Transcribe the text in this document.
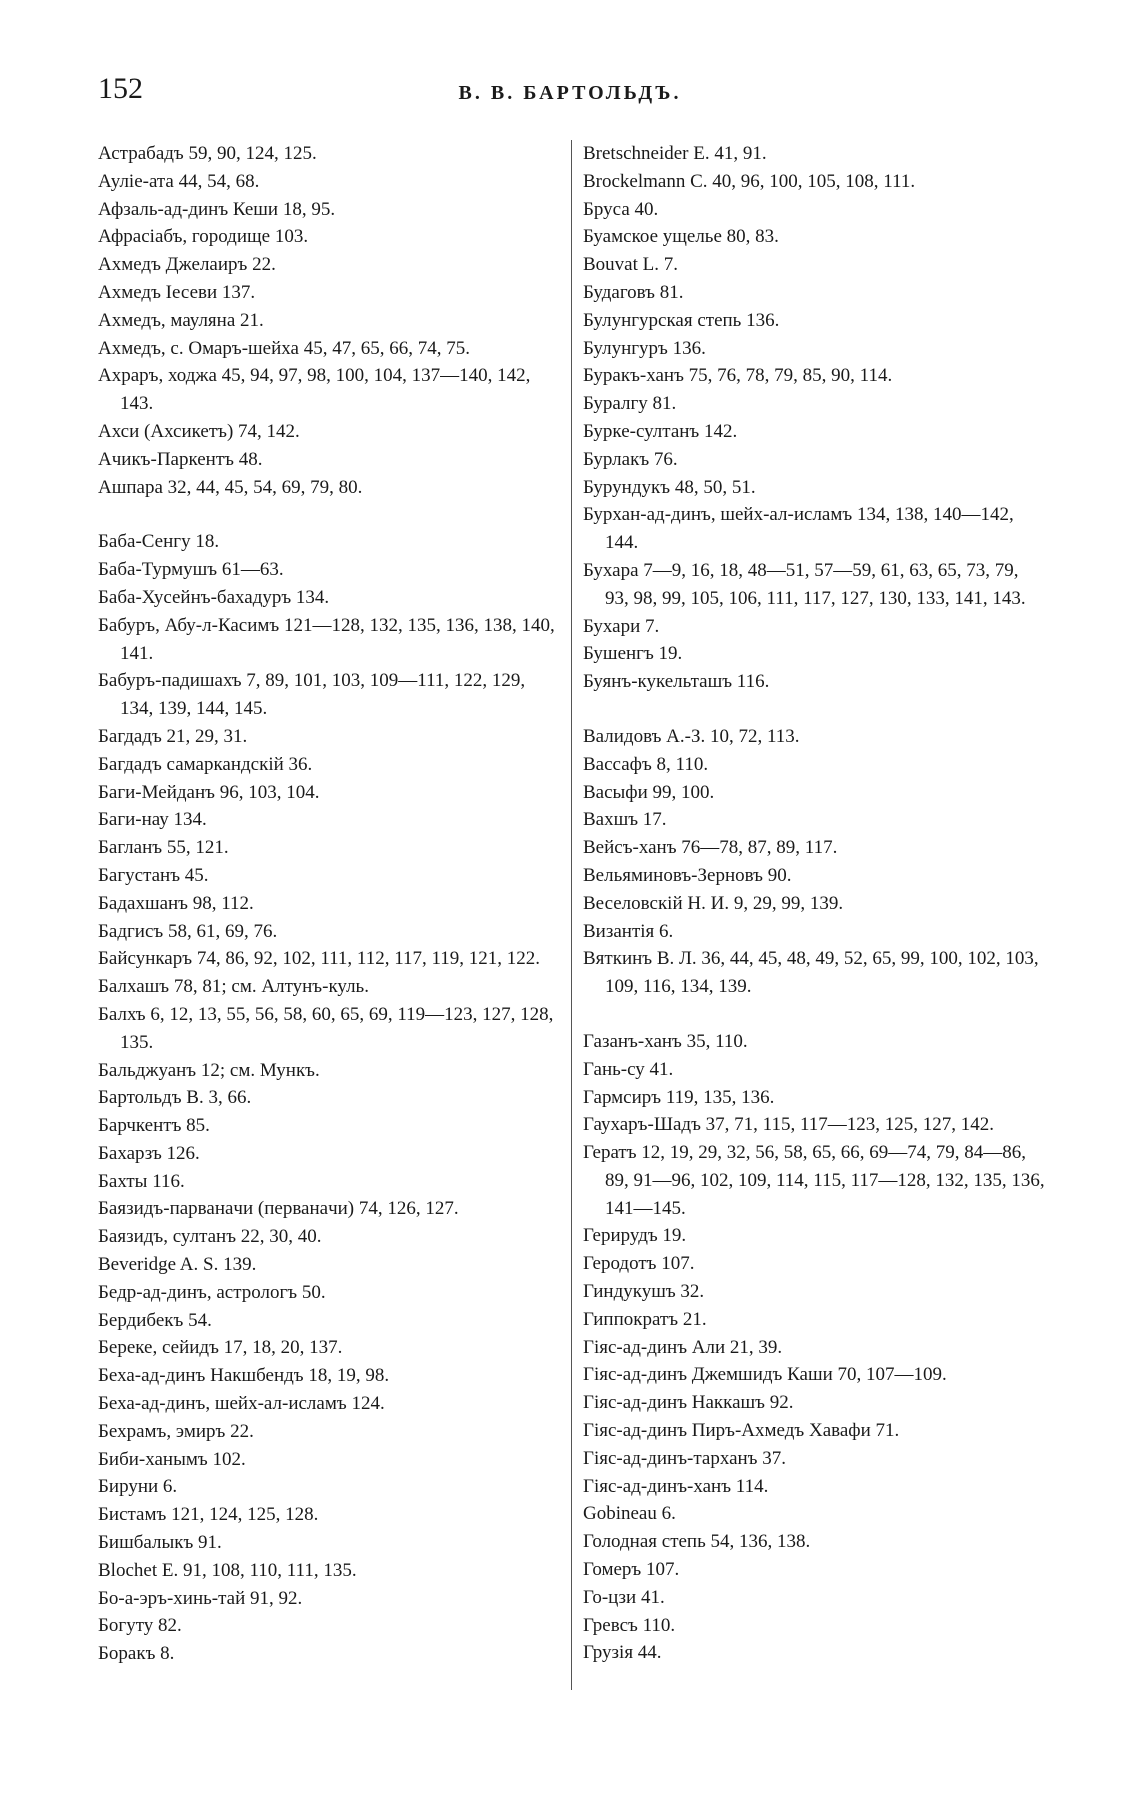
152	В. В. БАРТОЛЬДЪ.
Астрабадъ 59, 90, 124, 125.
Ауліе-ата 44, 54, 68.
Афзаль-ад-динъ Кеши 18, 95.
Афрасіабъ, городище 103.
Ахмедъ Джелаиръ 22.
Ахмедъ Іесеви 137.
Ахмедъ, мауляна 21.
Ахмедъ, с. Омаръ-шейха 45, 47, 65, 66, 74, 75.
Ахраръ, ходжа 45, 94, 97, 98, 100, 104, 137—140, 142, 143.
Ахси (Ахсикетъ) 74, 142.
Ачикъ-Паркентъ 48.
Ашпара 32, 44, 45, 54, 69, 79, 80.
Баба-Сенгу 18.
Баба-Турмушъ 61—63.
Баба-Хусейнъ-бахадуръ 134.
Бабуръ, Абу-л-Касимъ 121—128, 132, 135, 136, 138, 140, 141.
Бабуръ-падишахъ 7, 89, 101, 103, 109—111, 122, 129, 134, 139, 144, 145.
Багдадъ 21, 29, 31.
Багдадъ самаркандскій 36.
Баги-Мейданъ 96, 103, 104.
Баги-нау 134.
Багланъ 55, 121.
Багустанъ 45.
Бадахшанъ 98, 112.
Бадгисъ 58, 61, 69, 76.
Байсункаръ 74, 86, 92, 102, 111, 112, 117, 119, 121, 122.
Балхашъ 78, 81; см. Алтунъ-куль.
Балхъ 6, 12, 13, 55, 56, 58, 60, 65, 69, 119—123, 127, 128, 135.
Бальджуанъ 12; см. Мункъ.
Бартольдъ В. 3, 66.
Барчкентъ 85.
Бахарзъ 126.
Бахты 116.
Баязидъ-парванaчи (перванaчи) 74, 126, 127.
Баязидъ, султанъ 22, 30, 40.
Beveridge A. S. 139.
Бедр-ад-динъ, астрологъ 50.
Бердибекъ 54.
Береке, сейидъ 17, 18, 20, 137.
Беха-ад-динъ Накшбендъ 18, 19, 98.
Беха-ад-динъ, шейх-ал-исламъ 124.
Бехрамъ, эмиръ 22.
Биби-ханымъ 102.
Бируни 6.
Бистамъ 121, 124, 125, 128.
Бишбалыкъ 91.
Blochet E. 91, 108, 110, 111, 135.
Бо-а-эръ-хинь-тай 91, 92.
Богуту 82.
Боракъ 8.
Bretschneider E. 41, 91.
Brockelmann C. 40, 96, 100, 105, 108, 111.
Бруса 40.
Буамское ущелье 80, 83.
Bouvat L. 7.
Будаговъ 81.
Булунгурская степь 136.
Булунгуръ 136.
Буракъ-ханъ 75, 76, 78, 79, 85, 90, 114.
Буралгу 81.
Бурке-султанъ 142.
Бурлакъ 76.
Бурундукъ 48, 50, 51.
Бурхан-ад-динъ, шейх-ал-исламъ 134, 138, 140—142, 144.
Бухара 7—9, 16, 18, 48—51, 57—59, 61, 63, 65, 73, 79, 93, 98, 99, 105, 106, 111, 117, 127, 130, 133, 141, 143.
Бухари 7.
Бушенгъ 19.
Буянъ-кукельташъ 116.
Валидовъ А.-З. 10, 72, 113.
Вассафъ 8, 110.
Васыфи 99, 100.
Вахшъ 17.
Вейсъ-ханъ 76—78, 87, 89, 117.
Вельяминовъ-Зерновъ 90.
Веселовскій Н. И. 9, 29, 99, 139.
Византія 6.
Вяткинъ В. Л. 36, 44, 45, 48, 49, 52, 65, 99, 100, 102, 103, 109, 116, 134, 139.
Газанъ-ханъ 35, 110.
Гань-су 41.
Гармсиръ 119, 135, 136.
Гаухаръ-Шадъ 37, 71, 115, 117—123, 125, 127, 142.
Гератъ 12, 19, 29, 32, 56, 58, 65, 66, 69—74, 79, 84—86, 89, 91—96, 102, 109, 114, 115, 117—128, 132, 135, 136, 141—145.
Герирудъ 19.
Геродотъ 107.
Гиндукушъ 32.
Гиппократъ 21.
Гіяс-ад-динъ Али 21, 39.
Гіяс-ад-динъ Джемшидъ Каши 70, 107—109.
Гіяс-ад-динъ Наккашъ 92.
Гіяс-ад-динъ Пиръ-Ахмедъ Хавафи 71.
Гіяс-ад-динъ-тарханъ 37.
Гіяс-ад-динъ-ханъ 114.
Gobineau 6.
Голодная степь 54, 136, 138.
Гомеръ 107.
Го-цзи 41.
Гревсъ 110.
Грузія 44.
